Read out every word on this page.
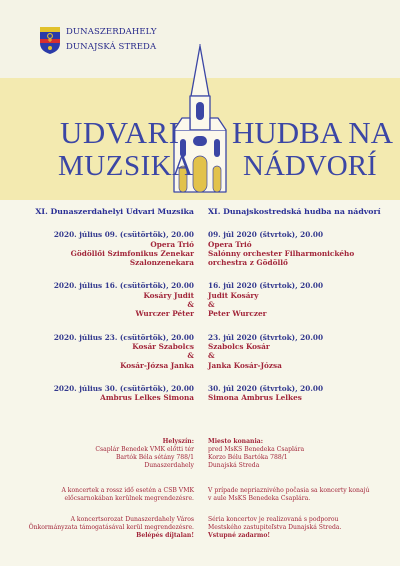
DUNASZERDAHELY
DUNAJSKÁ STREDA
UDVARI
MUZSIKA
HUDBA NA
NÁDVORÍ
XI. Dunaszerdahelyi Udvari Muzsika
2020. július 09. (csütörtök), 20.00
Opera Trió
Gödöllői Szimfonikus Zenekar
Szalonzenekara
2020. július 16. (csütörtök), 20.00
Kosáry Judit
&
Wurczer Péter
2020. július 23. (csütörtök), 20.00
Kosár Szabolcs
&
Kosár-Józsa Janka
2020. július 30. (csütörtök), 20.00
Ambrus Lelkes Simona
XI. Dunajskostredská hudba na nádvorí
09. júl 2020 (štvrtok), 20.00
Opera Trió
Salónny orchester Filharmonického
orchestra z Gödöllő
16. júl 2020 (štvrtok), 20.00
Judit Kosáry
&
Peter Wurczer
23. júl 2020 (štvrtok), 20.00
Szabolcs Kosár
&
Janka Kosár-Józsa
30. júl 2020 (štvrtok), 20.00
Simona Ambrus Lelkes
Helyszín:
Csaplár Benedek VMK előtti tér
Bartók Béla sétány 788/1
Dunaszerdahely
A koncertek a rossz idő esetén a CSB VMK
előcsarnokában kerülnek megrendezésre.
A koncertsorozat Dunaszerdahely Város
Önkormányzata támogatásával kerül megrendezésre.
Belépés díjtalan!
Miesto konania:
pred MsKS Benedeka Csaplára
Korzo Bélu Bartóka 788/1
Dunajská Streda
V prípade nepriaznivého počasia sa koncerty konajú
v aule MsKS Benedeka Csaplára.
Séria koncertov je realizovaná s podporou
Mestského zastupiteľstva Dunajská Streda.
Vstupné zadarmo!
